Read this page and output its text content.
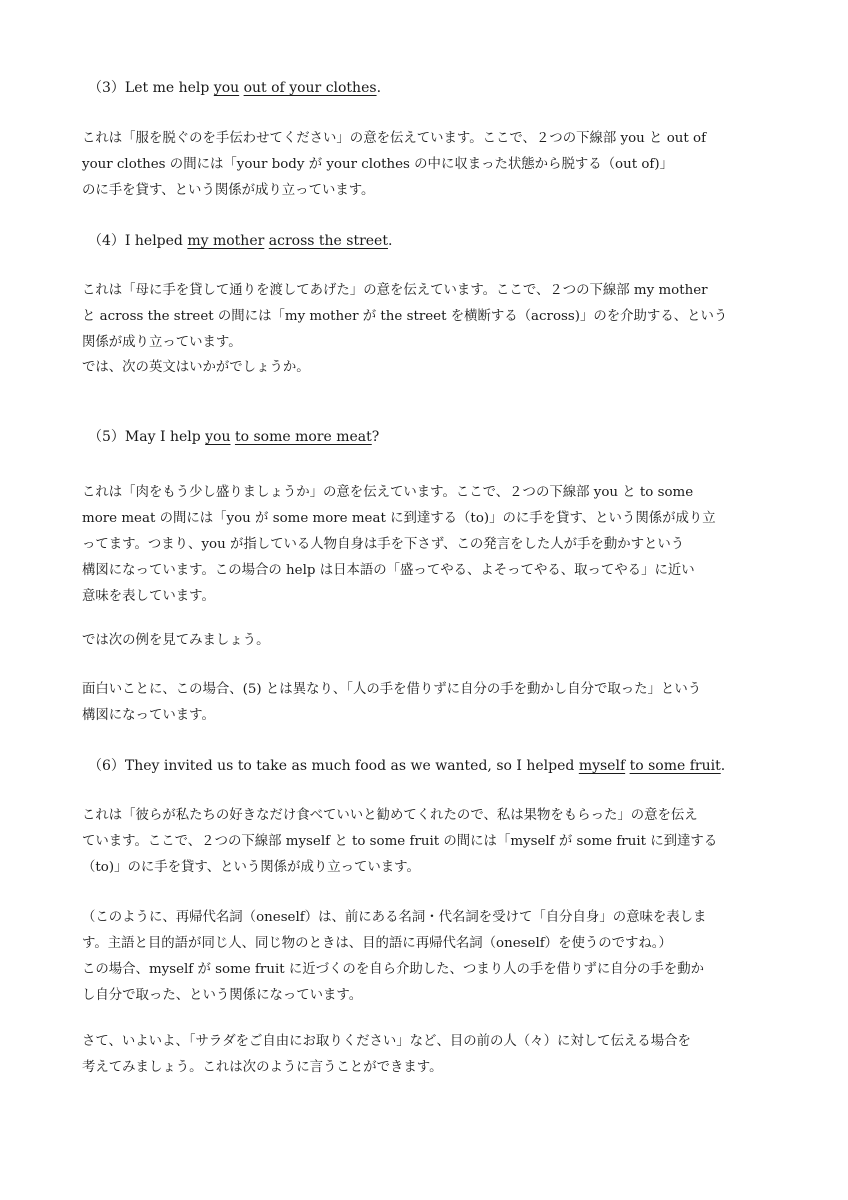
（3）Let me help you out of your clothes.

これは「服を脱ぐのを手伝わせてください」の意を伝えています。ここで、２つの下線部 you と out of
your clothes の間には「your body が your clothes の中に収まった状態から脱する（out of)」
のに手を貸す、という関係が成り立っています。

（4）I helped my mother across the street.

これは「母に手を貸して通りを渡してあげた」の意を伝えています。ここで、２つの下線部 my mother
と across the street の間には「my mother が the street を横断する（across)」のを介助する、という
関係が成り立っています。
では、次の英文はいかがでしょうか。

（5）May I help you to some more meat?

これは「肉をもう少し盛りましょうか」の意を伝えています。ここで、２つの下線部 you と to some
more meat の間には「you が some more meat に到達する（to)」のに手を貸す、という関係が成り立
ってます。つまり、you が指している人物自身は手を下さず、この発言をした人が手を動かすという
構図になっています。この場合の help は日本語の「盛ってやる、よそってやる、取ってやる」に近い
意味を表しています。
では次の例を見てみましょう。
面白いことに、この場合、(5) とは異なり、「人の手を借りずに自分の手を動かし自分で取った」という
構図になっています。

（6）They invited us to take as much food as we wanted, so I helped myself to some fruit.

これは「彼らが私たちの好きなだけ食べていいと勧めてくれたので、私は果物をもらった」の意を伝え
ています。ここで、２つの下線部 myself と to some fruit の間には「myself が some fruit に到達する
（to)」のに手を貸す、という関係が成り立っています。
（このように、再帰代名詞（oneself）は、前にある名詞・代名詞を受けて「自分自身」の意味を表しま
す。主語と目的語が同じ人、同じ物のときは、目的語に再帰代名詞（oneself）を使うのですね。）
この場合、myself が some fruit に近づくのを自ら介助した、つまり人の手を借りずに自分の手を動か
し自分で取った、という関係になっています。
さて、いよいよ、「サラダをご自由にお取りください」など、目の前の人（々）に対して伝える場合を
考えてみましょう。これは次のように言うことができます。
